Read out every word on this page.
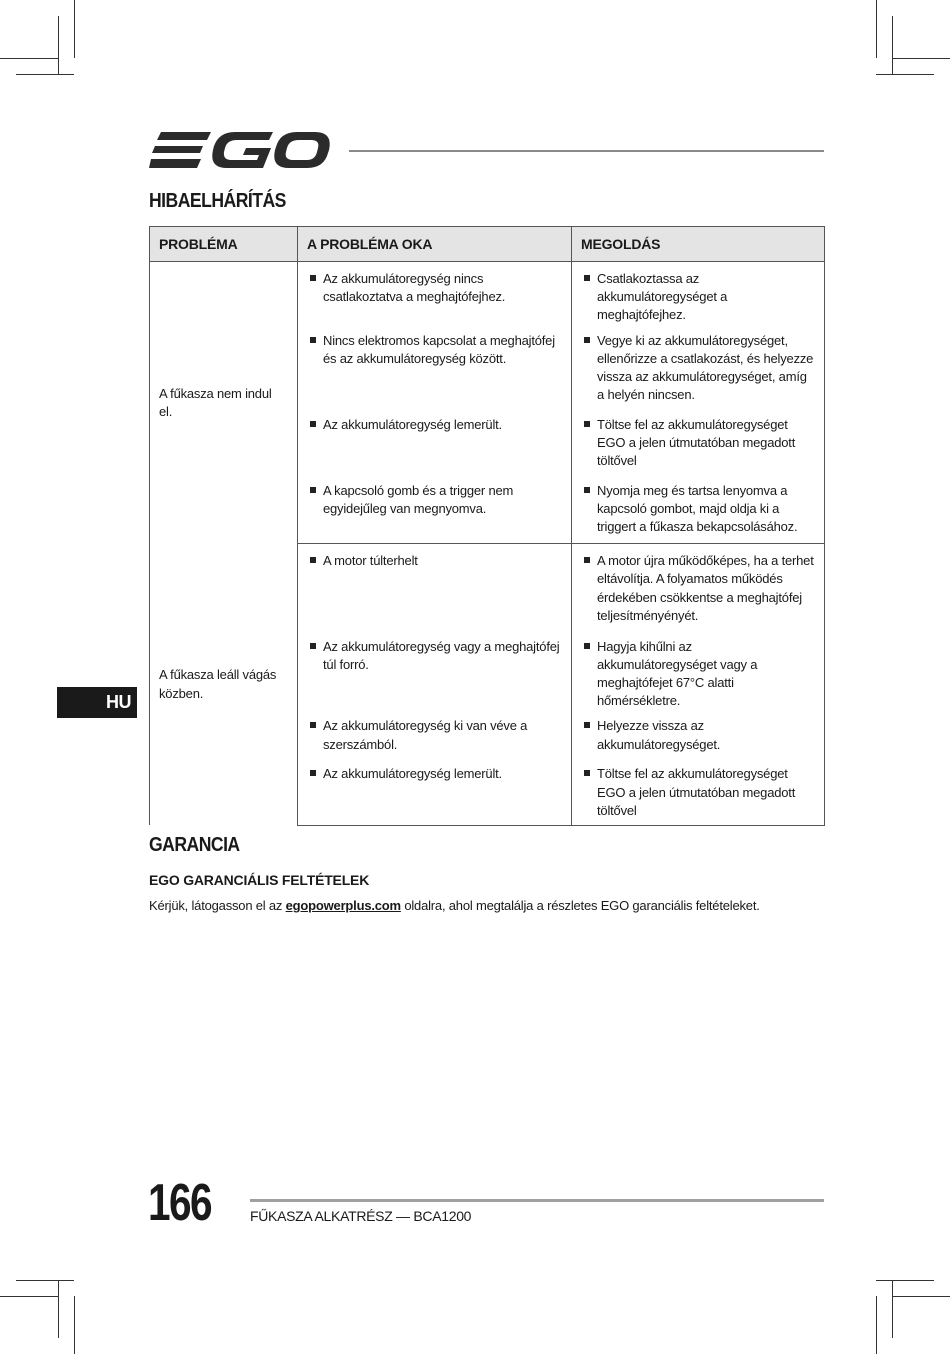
HIBAELHÁRÍTÁS
PROBLÉMA	A PROBLÉMA OKA	MEGOLDÁS
A fűkasza nem indul el.	Az akkumulátoregység nincs csatlakoztatva a meghajtófejhez.	Csatlakoztassa az akkumulátoregységet a meghajtófejhez.

	Nincs elektromos kapcsolat a meghajtófej és az akkumulátoregység között.	Vegye ki az akkumulátoregységet, ellenőrizze a csatlakozást, és helyezze vissza az akkumulátoregységet, amíg a helyén nincsen.

	Az akkumulátoregység lemerült.	Töltse fel az akkumulátoregységet EGO a jelen útmutatóban megadott töltővel

	A kapcsoló gomb és a trigger nem egyidejűleg van megnyomva.	Nyomja meg és tartsa lenyomva a kapcsoló gombot, majd oldja ki a triggert a fűkasza bekapcsolásához.

A fűkasza leáll vágás közben.	A motor túlterhelt	A motor újra működőképes, ha a terhet eltávolítja. A folyamatos működés érdekében csökkentse a meghajtófej teljesítményényét.

	Az akkumulátoregység vagy a meghajtófej túl forró.	Hagyja kihűlni az akkumulátoregységet vagy a meghajtófejet 67°C alatti hőmérsékletre.

	Az akkumulátoregység ki van véve a szerszámból.	Helyezze vissza az akkumulátoregységet.

	Az akkumulátoregység lemerült.	Töltse fel az akkumulátoregységet EGO a jelen útmutatóban megadott töltővel
HU
GARANCIA
EGO GARANCIÁLIS FELTÉTELEK

Kérjük, látogasson el az egopowerplus.com oldalra, ahol megtalálja a részletes EGO garanciális feltételeket.

166	FŰKASZA ALKATRÉSZ — BCA1200
